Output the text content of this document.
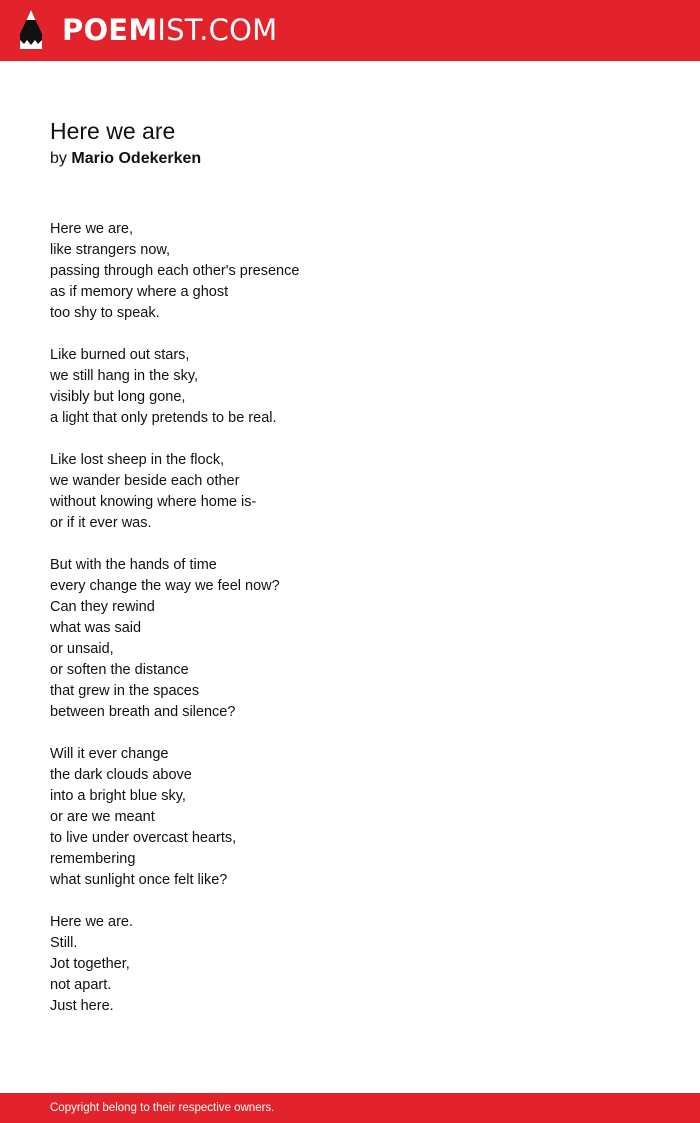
POEMIST.COM
Here we are
by Mario Odekerken
Here we are,
like strangers now,
passing through each other's presence
as if memory where a ghost
too shy to speak.
Like burned out stars,
we still hang in the sky,
visibly but long gone,
a light that only pretends to be real.
Like lost sheep in the flock,
we wander beside each other
without knowing where home is-
or if it ever was.
But with the hands of time
every change the way we feel now?
Can they rewind
what was said
or unsaid,
or soften the distance
that grew in the spaces
between breath and silence?
Will it ever change
the dark clouds above
into a bright blue sky,
or are we meant
to live under overcast hearts,
remembering
what sunlight once felt like?
Here we are.
Still.
Jot together,
not apart.
Just here.
Copyright belong to their respective owners.
